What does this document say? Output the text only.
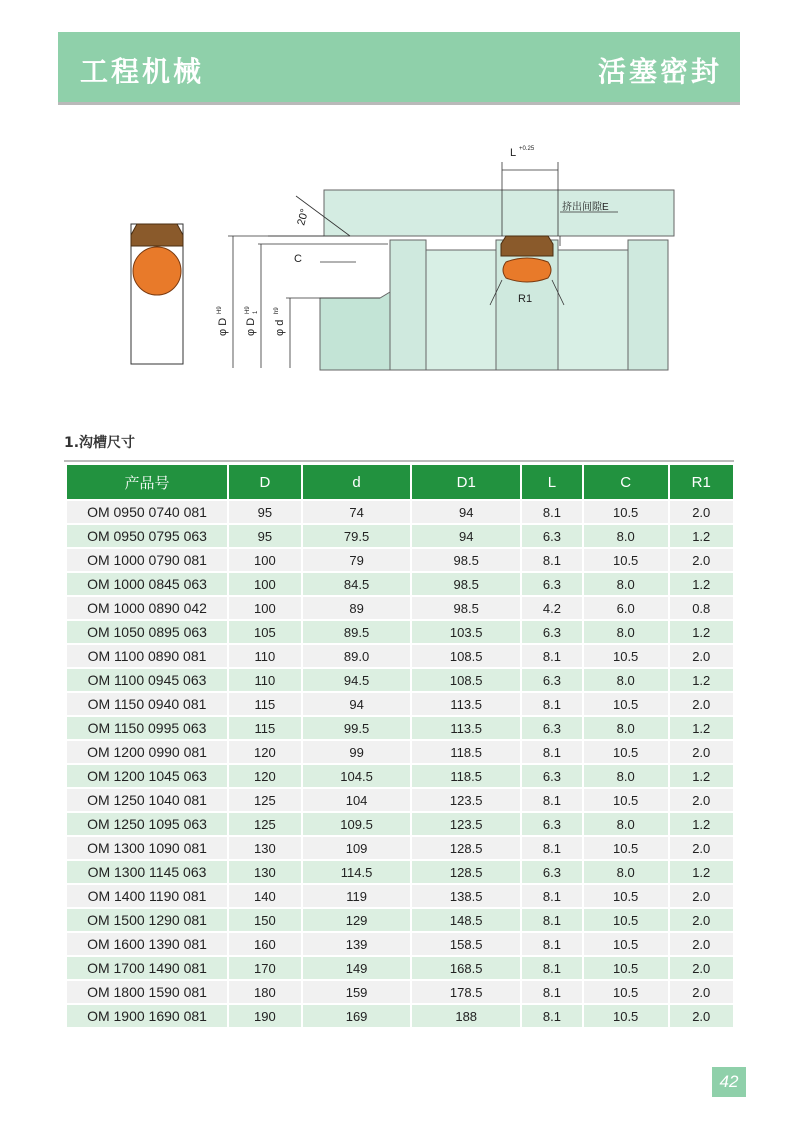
工程机械	活塞密封
20°
C
L +0.25
挤出间隙E
R1
φ D
H9
φ D
1
H9
φ d
h9
1.沟槽尺寸
产品号	D	d	D1	L	C	R1
OM 0950 0740 081	95	74	94	8.1	10.5	2.0
OM 0950 0795 063	95	79.5	94	6.3	8.0	1.2
OM 1000 0790 081	100	79	98.5	8.1	10.5	2.0
OM 1000 0845 063	100	84.5	98.5	6.3	8.0	1.2
OM 1000 0890 042	100	89	98.5	4.2	6.0	0.8
OM 1050 0895 063	105	89.5	103.5	6.3	8.0	1.2
OM 1100 0890 081	110	89.0	108.5	8.1	10.5	2.0
OM 1100 0945 063	110	94.5	108.5	6.3	8.0	1.2
OM 1150 0940 081	115	94	113.5	8.1	10.5	2.0
OM 1150 0995 063	115	99.5	113.5	6.3	8.0	1.2
OM 1200 0990 081	120	99	118.5	8.1	10.5	2.0
OM 1200 1045 063	120	104.5	118.5	6.3	8.0	1.2
OM 1250 1040 081	125	104	123.5	8.1	10.5	2.0
OM 1250 1095 063	125	109.5	123.5	6.3	8.0	1.2
OM 1300 1090 081	130	109	128.5	8.1	10.5	2.0
OM 1300 1145 063	130	114.5	128.5	6.3	8.0	1.2
OM 1400 1190 081	140	119	138.5	8.1	10.5	2.0
OM 1500 1290 081	150	129	148.5	8.1	10.5	2.0
OM 1600 1390 081	160	139	158.5	8.1	10.5	2.0
OM 1700 1490 081	170	149	168.5	8.1	10.5	2.0
OM 1800 1590 081	180	159	178.5	8.1	10.5	2.0
OM 1900 1690 081	190	169	188	8.1	10.5	2.0
42
